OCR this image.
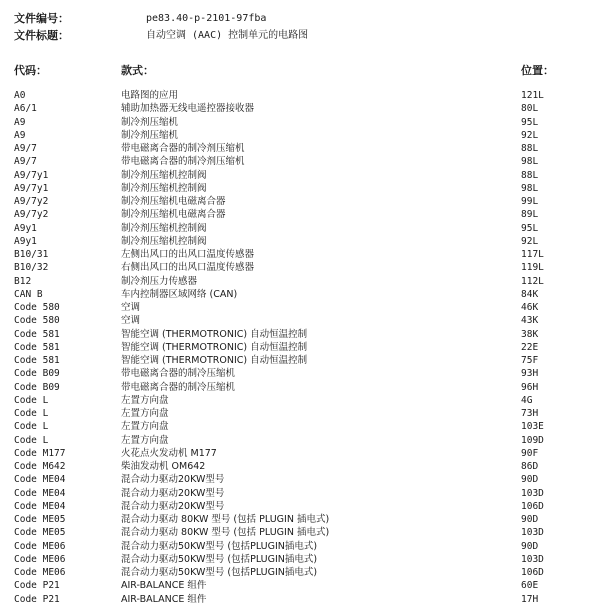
文件编号：	pe83.40-p-2101-97fba
文件标题：	自动空调 (AAC) 控制单元的电路图
代码：	款式：	位置：
A0	电路图的应用	121L
A6/1	辅助加热器无线电遥控器接收器	80L
A9	制冷剂压缩机	95L
A9	制冷剂压缩机	92L
A9/7	带电磁离合器的制冷剂压缩机	88L
A9/7	带电磁离合器的制冷剂压缩机	98L
A9/7y1	制冷剂压缩机控制阀	88L
A9/7y1	制冷剂压缩机控制阀	98L
A9/7y2	制冷剂压缩机电磁离合器	99L
A9/7y2	制冷剂压缩机电磁离合器	89L
A9y1	制冷剂压缩机控制阀	95L
A9y1	制冷剂压缩机控制阀	92L
B10/31	左侧出风口的出风口温度传感器	117L
B10/32	右侧出风口的出风口温度传感器	119L
B12	制冷剂压力传感器	112L
CAN B	车内控制器区域网络 (CAN)	84K
Code 580	空调	46K
Code 580	空调	43K
Code 581	智能空调 (THERMOTRONIC) 自动恒温控制	38K
Code 581	智能空调 (THERMOTRONIC) 自动恒温控制	22E
Code 581	智能空调 (THERMOTRONIC) 自动恒温控制	75F
Code B09	带电磁离合器的制冷压缩机	93H
Code B09	带电磁离合器的制冷压缩机	96H
Code L	左置方向盘	4G
Code L	左置方向盘	73H
Code L	左置方向盘	103E
Code L	左置方向盘	109D
Code M177	火花点火发动机 M177	90F
Code M642	柴油发动机 OM642	86D
Code ME04	混合动力驱动20KW型号	90D
Code ME04	混合动力驱动20KW型号	103D
Code ME04	混合动力驱动20KW型号	106D
Code ME05	混合动力驱动 80KW 型号 (包括 PLUGIN 插电式)	90D
Code ME05	混合动力驱动 80KW 型号 (包括 PLUGIN 插电式)	103D
Code ME06	混合动力驱动50KW型号 (包括PLUGIN插电式)	90D
Code ME06	混合动力驱动50KW型号 (包括PLUGIN插电式)	103D
Code ME06	混合动力驱动50KW型号 (包括PLUGIN插电式)	106D
Code P21	AIR-BALANCE 组件	60E
Code P21	AIR-BALANCE 组件	17H
